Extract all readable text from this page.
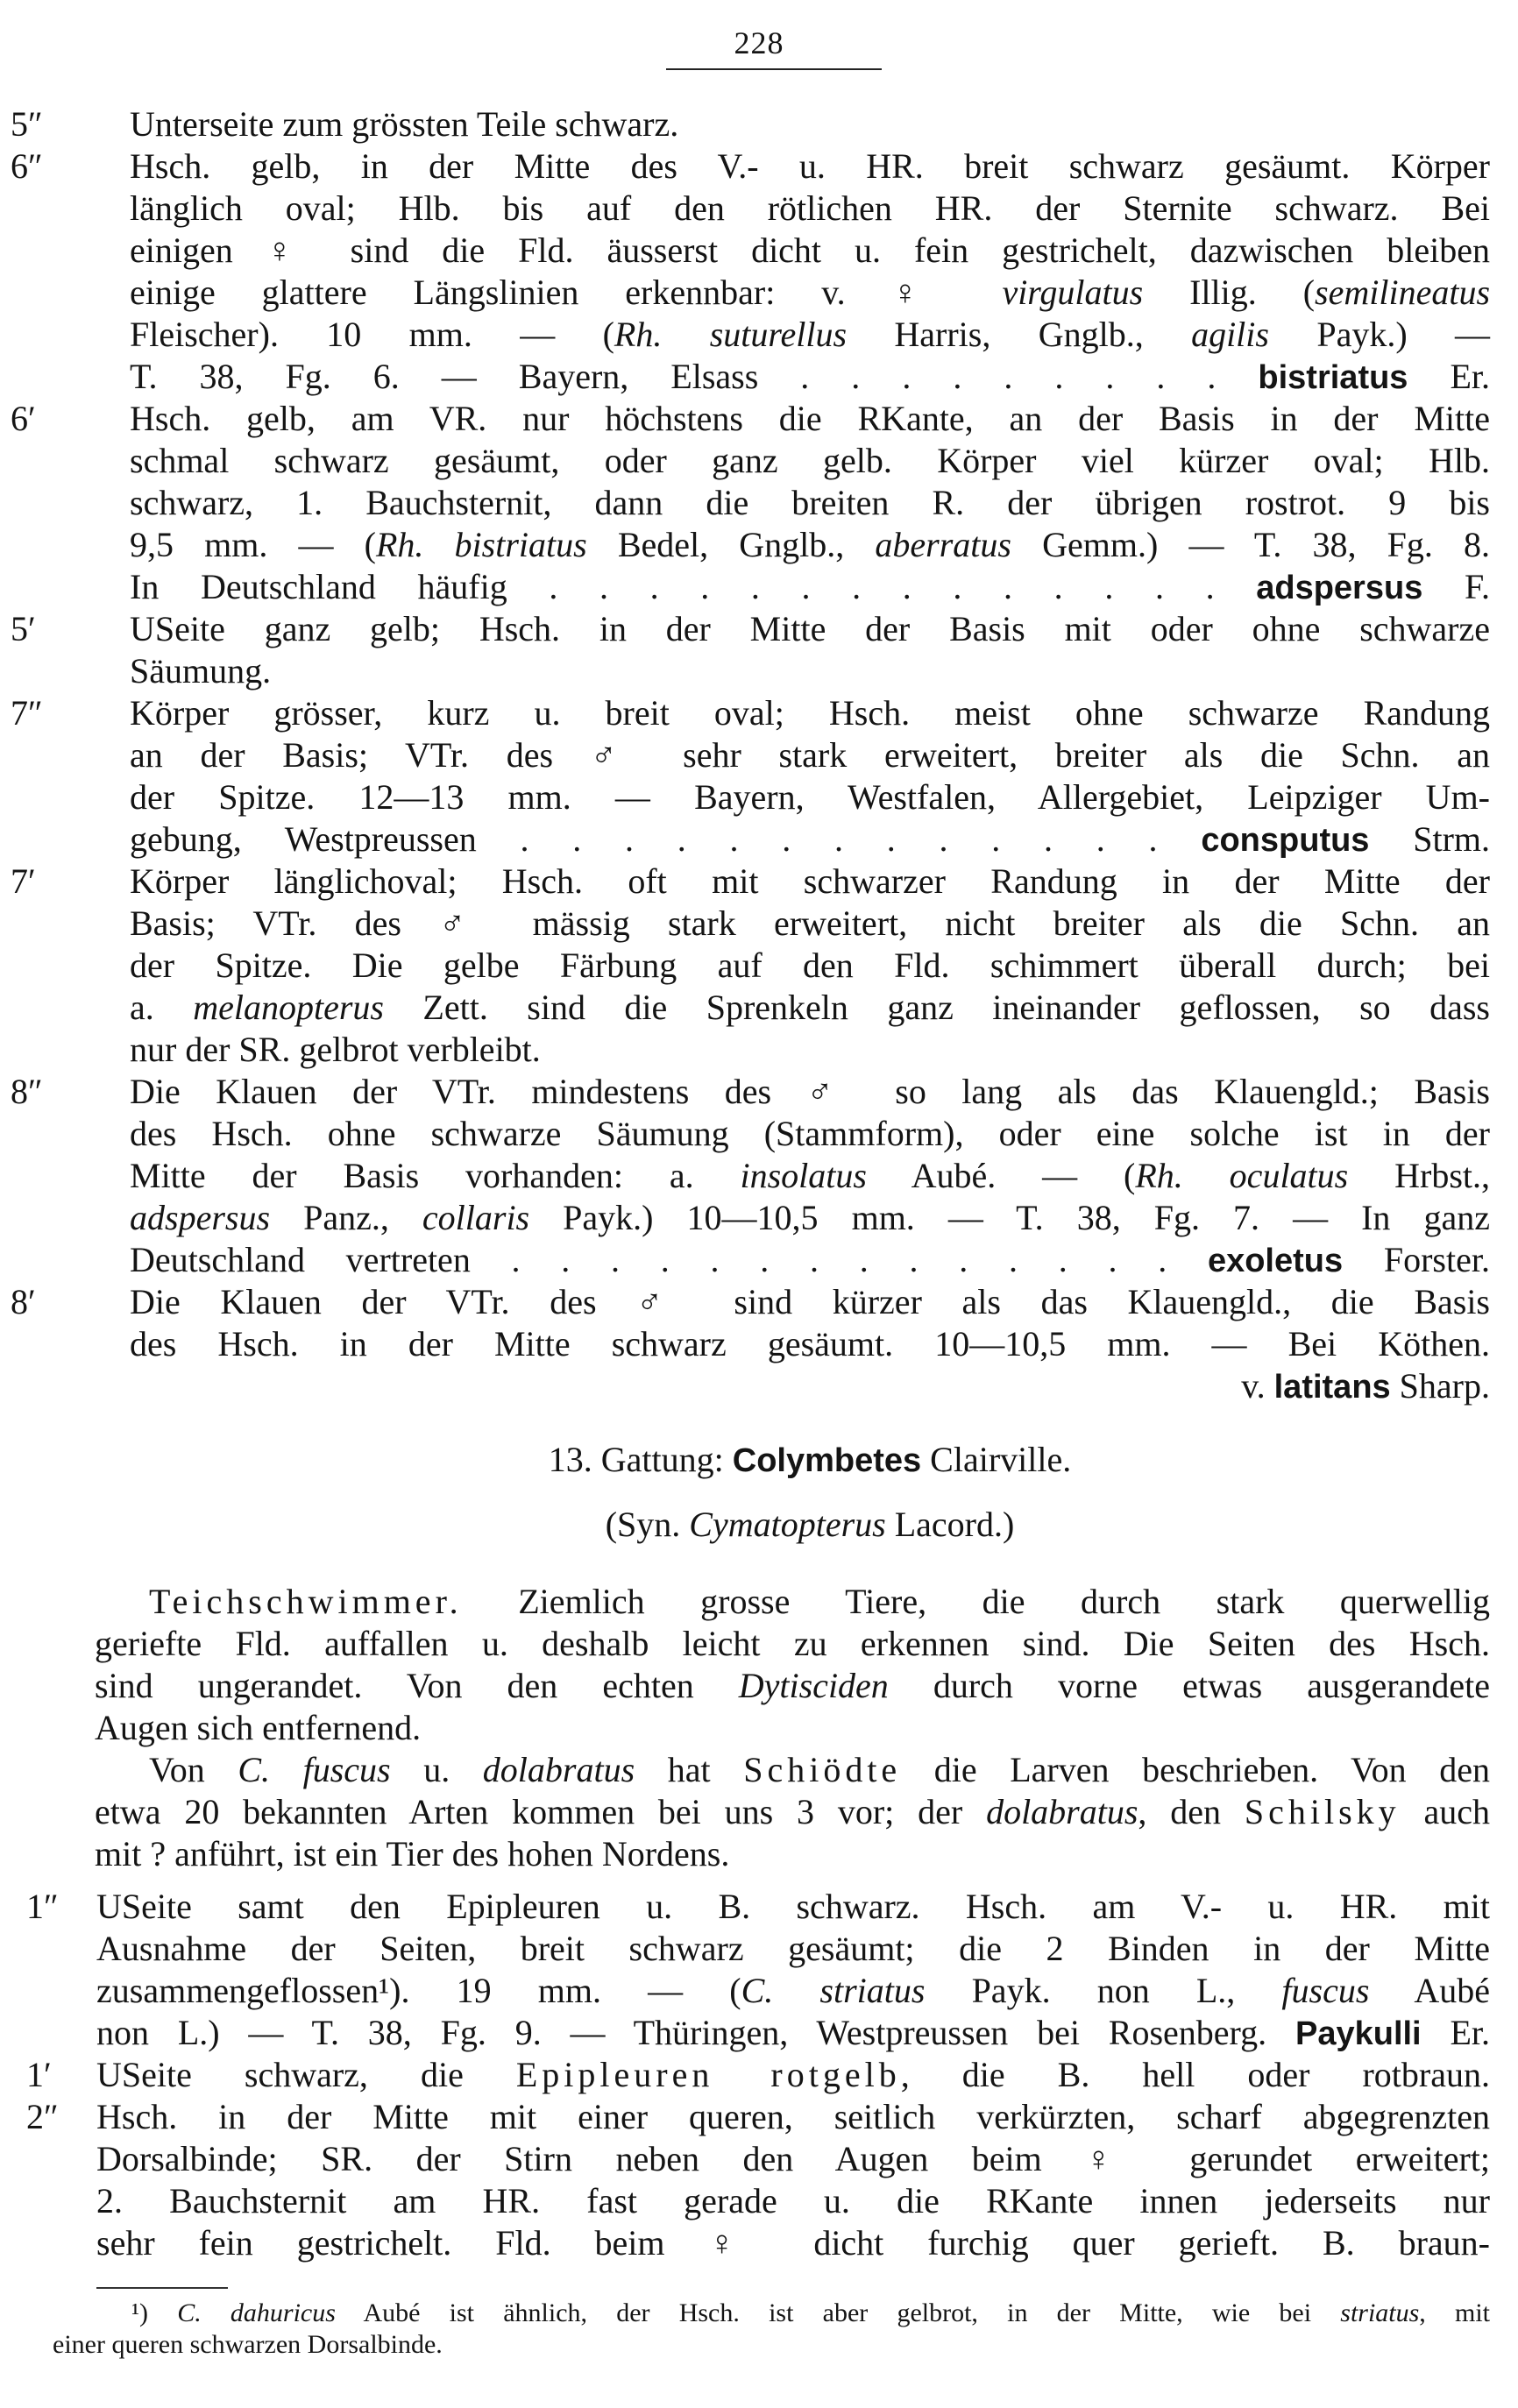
228
5″ Unterseite zum grössten Teile schwarz.
6″ Hsch. gelb, in der Mitte des V.- u. HR. breit schwarz gesäumt. Körper
länglich oval; Hlb. bis auf den rötlichen HR. der Sternite schwarz. Bei
einigen ♀ sind die Fld. äusserst dicht u. fein gestrichelt, dazwischen bleiben
einige glattere Längslinien erkennbar: v. ♀ virgulatus Illig. (semilineatus
Fleischer). 10 mm. — (Rh. suturellus Harris, Gnglb., agilis Payk.) —
T. 38, Fg. 6. — Bayern, Elsass . . . . . . . . . bistriatus Er.
6′	Hsch. gelb, am VR. nur höchstens die RKante, an der Basis in der Mitte
schmal schwarz gesäumt, oder ganz gelb. Körper viel kürzer oval; Hlb.
schwarz, 1. Bauchsternit, dann die breiten R. der übrigen rostrot. 9 bis
9,5 mm. — (Rh. bistriatus Bedel, Gnglb., aberratus Gemm.) — T. 38, Fg. 8.
In Deutschland häufig . . . . . . . . . . . . . . adspersus F.
5′	USeite ganz gelb; Hsch. in der Mitte der Basis mit oder ohne schwarze
Säumung.
7″ Körper grösser, kurz u. breit oval; Hsch. meist ohne schwarze Randung
an der Basis; VTr. des ♂ sehr stark erweitert, breiter als die Schn. an
der Spitze. 12—13 mm. — Bayern, Westfalen, Allergebiet, Leipziger Um-
gebung, Westpreussen . . . . . . . . . . . . . consputus Strm.
7′	Körper länglichoval; Hsch. oft mit schwarzer Randung in der Mitte der
Basis; VTr. des ♂ mässig stark erweitert, nicht breiter als die Schn. an
der Spitze. Die gelbe Färbung auf den Fld. schimmert überall durch; bei
a. melanopterus Zett. sind die Sprenkeln ganz ineinander geflossen, so dass
nur der SR. gelbrot verbleibt.
8″ Die Klauen der VTr. mindestens des ♂ so lang als das Klauengld.; Basis
des Hsch. ohne schwarze Säumung (Stammform), oder eine solche ist in der
Mitte der Basis vorhanden: a. insolatus Aubé. — (Rh. oculatus Hrbst.,
adspersus Panz., collaris Payk.) 10—10,5 mm. — T. 38, Fg. 7. — In ganz
Deutschland vertreten . . . . . . . . . . . . . . exoletus Forster.
8′	Die Klauen der VTr. des ♂ sind kürzer als das Klauengld., die Basis
des Hsch. in der Mitte schwarz gesäumt. 10—10,5 mm. — Bei Köthen.
v. latitans Sharp.
13. Gattung: Colymbetes Clairville.
(Syn. Cymatopterus Lacord.)
Teichschwimmer. Ziemlich grosse Tiere, die durch stark querwellig
geriefte Fld. auffallen u. deshalb leicht zu erkennen sind. Die Seiten des Hsch.
sind ungerandet. Von den echten Dytisciden durch vorne etwas ausgerandete
Augen sich entfernend.
Von C. fuscus u. dolabratus hat Schiödte die Larven beschrieben. Von den
etwa 20 bekannten Arten kommen bei uns 3 vor; der dolabratus, den Schilsky auch
mit ? anführt, ist ein Tier des hohen Nordens.
1″ USeite samt den Epipleuren u. B. schwarz. Hsch. am V.- u. HR. mit
Ausnahme der Seiten, breit schwarz gesäumt; die 2 Binden in der Mitte
zusammengeflossen¹). 19 mm. — (C. striatus Payk. non L., fuscus Aubé
non L.) — T. 38, Fg. 9. — Thüringen, Westpreussen bei Rosenberg. Paykulli Er.
1′ USeite schwarz, die Epipleuren rotgelb, die B. hell oder rotbraun.
2″ Hsch. in der Mitte mit einer queren, seitlich verkürzten, scharf abgegrenzten
Dorsalbinde; SR. der Stirn neben den Augen beim ♀ gerundet erweitert;
2. Bauchsternit am HR. fast gerade u. die RKante innen jederseits nur
sehr fein gestrichelt. Fld. beim ♀ dicht furchig quer gerieft. B. braun-
¹) C. dahuricus Aubé ist ähnlich, der Hsch. ist aber gelbrot, in der Mitte, wie bei striatus, mit
einer queren schwarzen Dorsalbinde.
